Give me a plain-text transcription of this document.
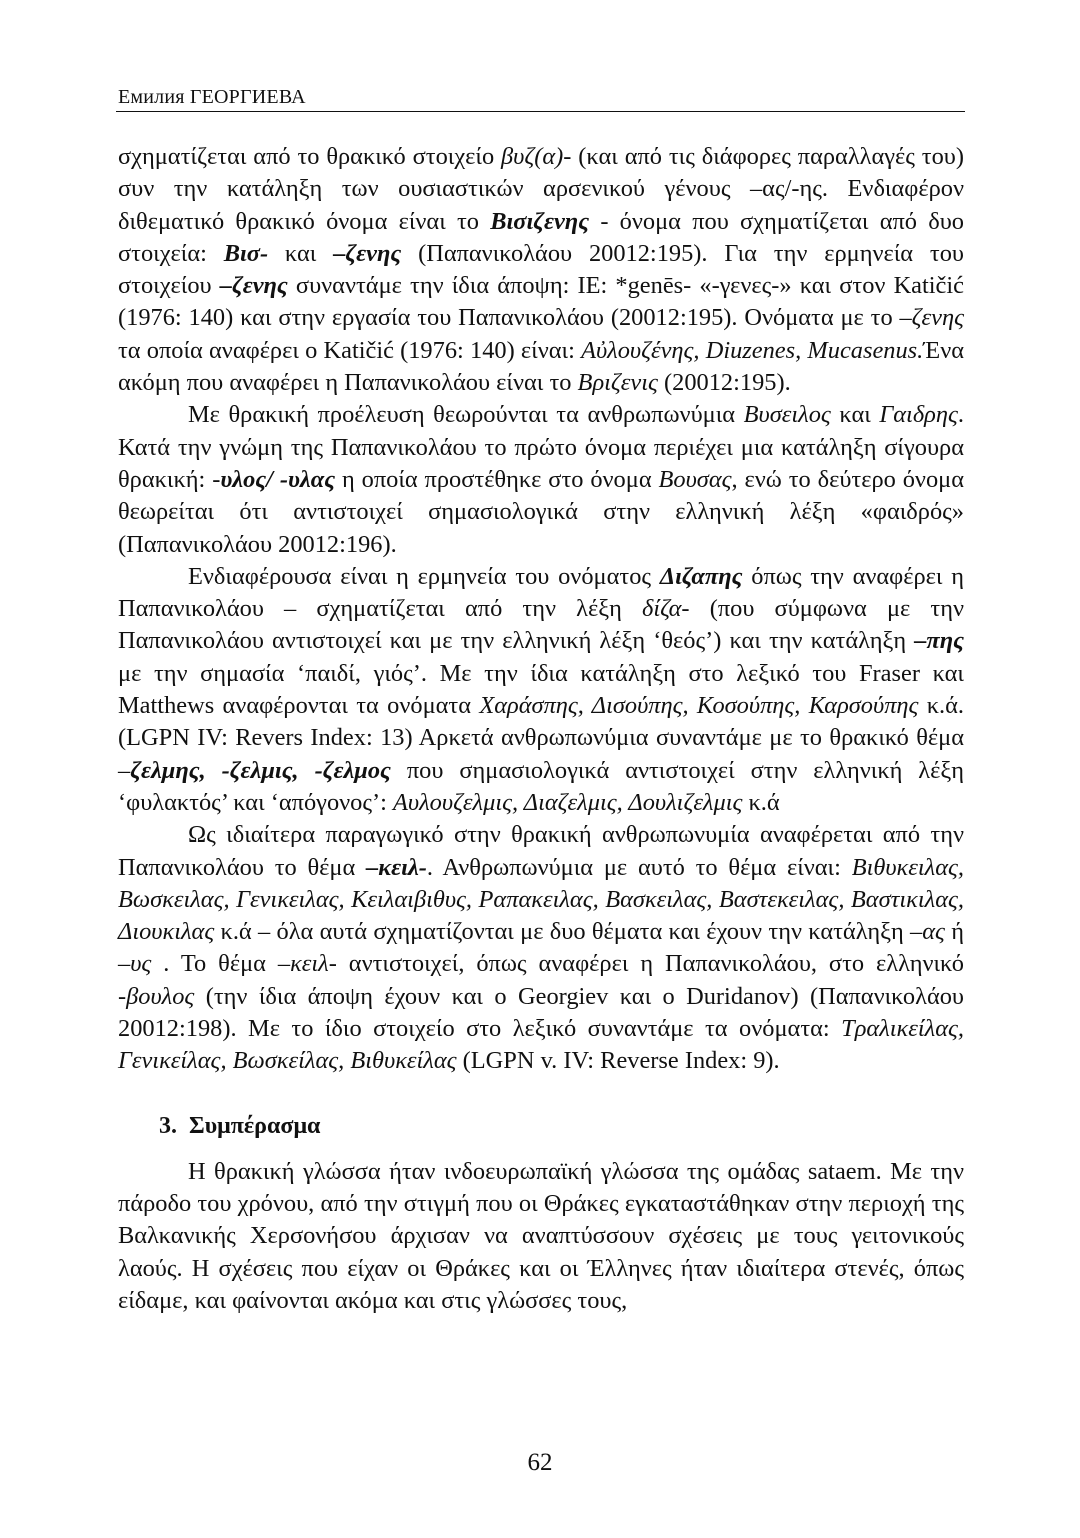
Емилия ГЕОРГИЕВА

σχηματίζεται από το θρακικό στοιχείο βυζ(α)- (και από τις διάφορες παραλλαγές του) συν την κατάληξη των ουσιαστικών αρσενικού γένους –ας/-ης. Ενδιαφέρον διθεματικό θρακικό όνομα είναι το Βισιζενης - όνομα που σχηματίζεται από δυο στοιχεία: Βισ- και –ζενης (Παπανικολάου 20012:195). Για την ερμηνεία του στοιχείου –ζενης συναντάμε την ίδια άποψη: IE: *genēs- «-γενες-» και στον Katičić (1976: 140) και στην εργασία του Παπανικολάου (20012:195). Ονόματα με το –ζενης τα οποία αναφέρει ο Katičić (1976: 140) είναι: Αὐλουζένης, Diuzenes, Mucasenus.Ένα ακόμη που αναφέρει η Παπανικολάου είναι το Βριζενις (20012:195).

Με θρακική προέλευση θεωρούνται τα ανθρωπωνύμια Βυσειλος και Γαιδρης. Κατά την γνώμη της Παπανικολάου το πρώτο όνομα περιέχει μια κατάληξη σίγουρα θρακική: -υλος/ -υλας η οποία προστέθηκε στο όνομα Βουσας, ενώ το δεύτερο όνομα θεωρείται ότι αντιστοιχεί σημασιολογικά στην ελληνική λέξη «φαιδρός» (Παπανικολάου 20012:196).

Ενδιαφέρουσα είναι η ερμηνεία του ονόματος Διζαπης όπως την αναφέρει η Παπανικολάου – σχηματίζεται από την λέξη δίζα- (που σύμφωνα με την Παπανικολάου αντιστοιχεί και με την ελληνική λέξη ‘θεός’) και την κατάληξη –πης με την σημασία ‘παιδί, γιός’. Με την ίδια κατάληξη στο λεξικό του Fraser και Matthews αναφέρονται τα ονόματα Χαράσπης, Δισούπης, Κοσούπης, Καρσούπης κ.ά. (LGPN IV: Revers Index: 13) Αρκετά ανθρωπωνύμια συναντάμε με το θρακικό θέμα –ζελμης, -ζελμις, -ζελμος που σημασιολογικά αντιστοιχεί στην ελληνική λέξη ‘φυλακτός’ και ‘απόγονος’: Αυλουζελμις, Διαζελμις, Δουλιζελμις κ.ά

Ως ιδιαίτερα παραγωγικό στην θρακική ανθρωπωνυμία αναφέρεται από την Παπανικολάου το θέμα –κειλ-. Ανθρωπωνύμια με αυτό το θέμα είναι: Βιθυκειλας, Βωσκειλας, Γενικειλας, Κειλαιβιθυς, Ραπακειλας, Βασκειλας, Βαστεκειλας, Βαστικιλας, Διουκιλας κ.ά – όλα αυτά σχηματίζονται με δυο θέματα και έχουν την κατάληξη –ας ή –υς . Το θέμα –κειλ- αντιστοιχεί, όπως αναφέρει η Παπανικολάου, στο ελληνικό -βουλος (την ίδια άποψη έχουν και ο Georgiev και ο Duridanov) (Παπανικολάου 20012:198). Με το ίδιο στοιχείο στο λεξικό συναντάμε τα ονόματα: Τραλικείλας, Γενικείλας, Βωσκείλας, Βιθυκείλας (LGPN v. IV: Reverse Index: 9).

3. Συμπέρασμα

Η θρακική γλώσσα ήταν ινδοευρωπαϊκή γλώσσα της ομάδας sataem. Με την πάροδο του χρόνου, από την στιγμή που οι Θράκες εγκαταστάθηκαν στην περιοχή της Βαλκανικής Χερσονήσου άρχισαν να αναπτύσσουν σχέσεις με τους γειτονικούς λαούς. Η σχέσεις που είχαν οι Θράκες και οι Έλληνες ήταν ιδιαίτερα στενές, όπως είδαμε, και φαίνονται ακόμα και στις γλώσσες τους,

62
